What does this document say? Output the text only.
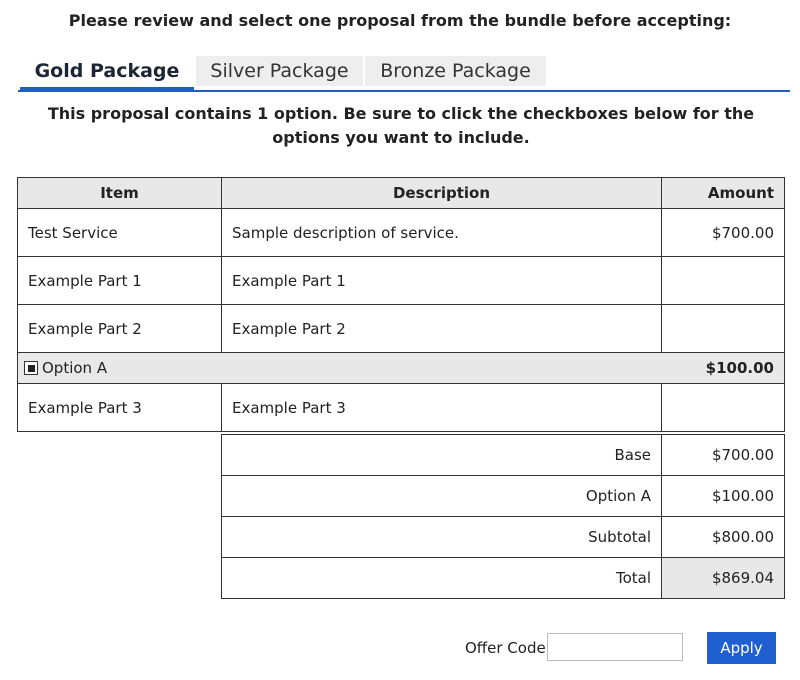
Please review and select one proposal from the bundle before accepting:
Gold Package	Silver Package	Bronze Package
This proposal contains 1 option. Be sure to click the checkboxes below for the options you want to include.
Item	Description	Amount
Test Service	Sample description of service.	$700.00
Example Part 1	Example Part 1	
Example Part 2	Example Part 2	

Option A		$100.00
Example Part 3	Example Part 3	
Base	$700.00
Option A	$100.00
Subtotal	$800.00
Total	$869.04
Offer Code	Apply
